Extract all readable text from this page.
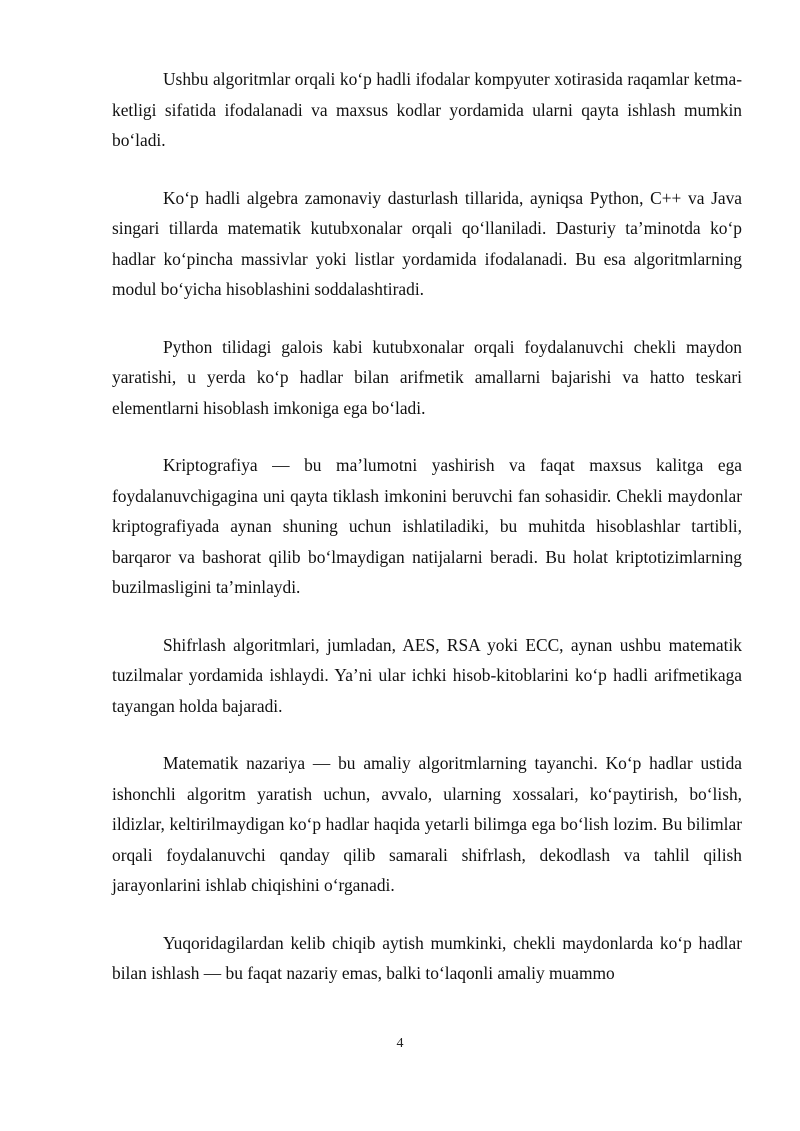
Ushbu algoritmlar orqali ko‘p hadli ifodalar kompyuter xotirasida raqamlar ketma-ketligi sifatida ifodalanadi va maxsus kodlar yordamida ularni qayta ishlash mumkin bo‘ladi.

Ko‘p hadli algebra zamonaviy dasturlash tillarida, ayniqsa Python, C++ va Java singari tillarda matematik kutubxonalar orqali qo‘llaniladi. Dasturiy ta’minotda ko‘p hadlar ko‘pincha massivlar yoki listlar yordamida ifodalanadi. Bu esa algoritmlarning modul bo‘yicha hisoblashini soddalashtiradi.

Python tilidagi galois kabi kutubxonalar orqali foydalanuvchi chekli maydon yaratishi, u yerda ko‘p hadlar bilan arifmetik amallarni bajarishi va hatto teskari elementlarni hisoblash imkoniga ega bo‘ladi.

Kriptografiya — bu ma’lumotni yashirish va faqat maxsus kalitga ega foydalanuvchigagina uni qayta tiklash imkonini beruvchi fan sohasidir. Chekli maydonlar kriptografiyada aynan shuning uchun ishlatiladiki, bu muhitda hisoblashlar tartibli, barqaror va bashorat qilib bo‘lmaydigan natijalarni beradi. Bu holat kriptotizimlarning buzilmasligini ta’minlaydi.

Shifrlash algoritmlari, jumladan, AES, RSA yoki ECC, aynan ushbu matematik tuzilmalar yordamida ishlaydi. Ya’ni ular ichki hisob-kitoblarini ko‘p hadli arifmetikaga tayangan holda bajaradi.

Matematik nazariya — bu amaliy algoritmlarning tayanchi. Ko‘p hadlar ustida ishonchli algoritm yaratish uchun, avvalo, ularning xossalari, ko‘paytirish, bo‘lish, ildizlar, keltirilmaydigan ko‘p hadlar haqida yetarli bilimga ega bo‘lish lozim. Bu bilimlar orqali foydalanuvchi qanday qilib samarali shifrlash, dekodlash va tahlil qilish jarayonlarini ishlab chiqishini o‘rganadi.

Yuqoridagilardan kelib chiqib aytish mumkinki, chekli maydonlarda ko‘p hadlar bilan ishlash — bu faqat nazariy emas, balki to‘laqonli amaliy muammo

4
